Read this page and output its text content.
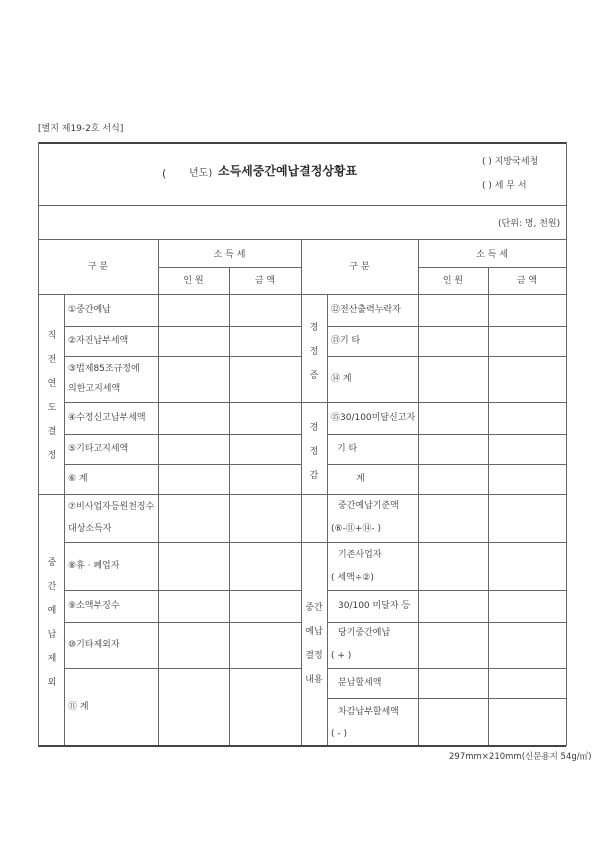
[별지 제19-2호 서식]
( 년도) 소득세중간예납결정상황표
( ) 지방국세청
( ) 세 무 서
(단위: 명, 천원)
구 분
소 득 세
인 원	금 액
구 분
소 득 세
인 원	금 액
직
전
연
도
결
정
중
간
예
납
제
외
①중간예납
②자진납부세액
③법제85조규정에
의한고지세액
④수정신고납부세액
⑤기타고지세액
⑥ 계
⑦비사업자등원천징수
대상소득자
⑧휴 · 폐업자
⑨소액부징수
⑩기타제외자
⑪ 계
경
정
증
경
정
감
중간
예납
결정
내용
⑫전산출력누락자
⑬기 타
⑭ 계
⑮30/100미달신고자
기 타
계
중간예납기준액
(⑥-⑪+⑭- )
기존사업자
( 세액÷②)
30/100 미달자 등
당기중간예납
( + )
분납할세액
차감납부할세액
( - )
297mm×210mm(신문용지 54g/㎡)
